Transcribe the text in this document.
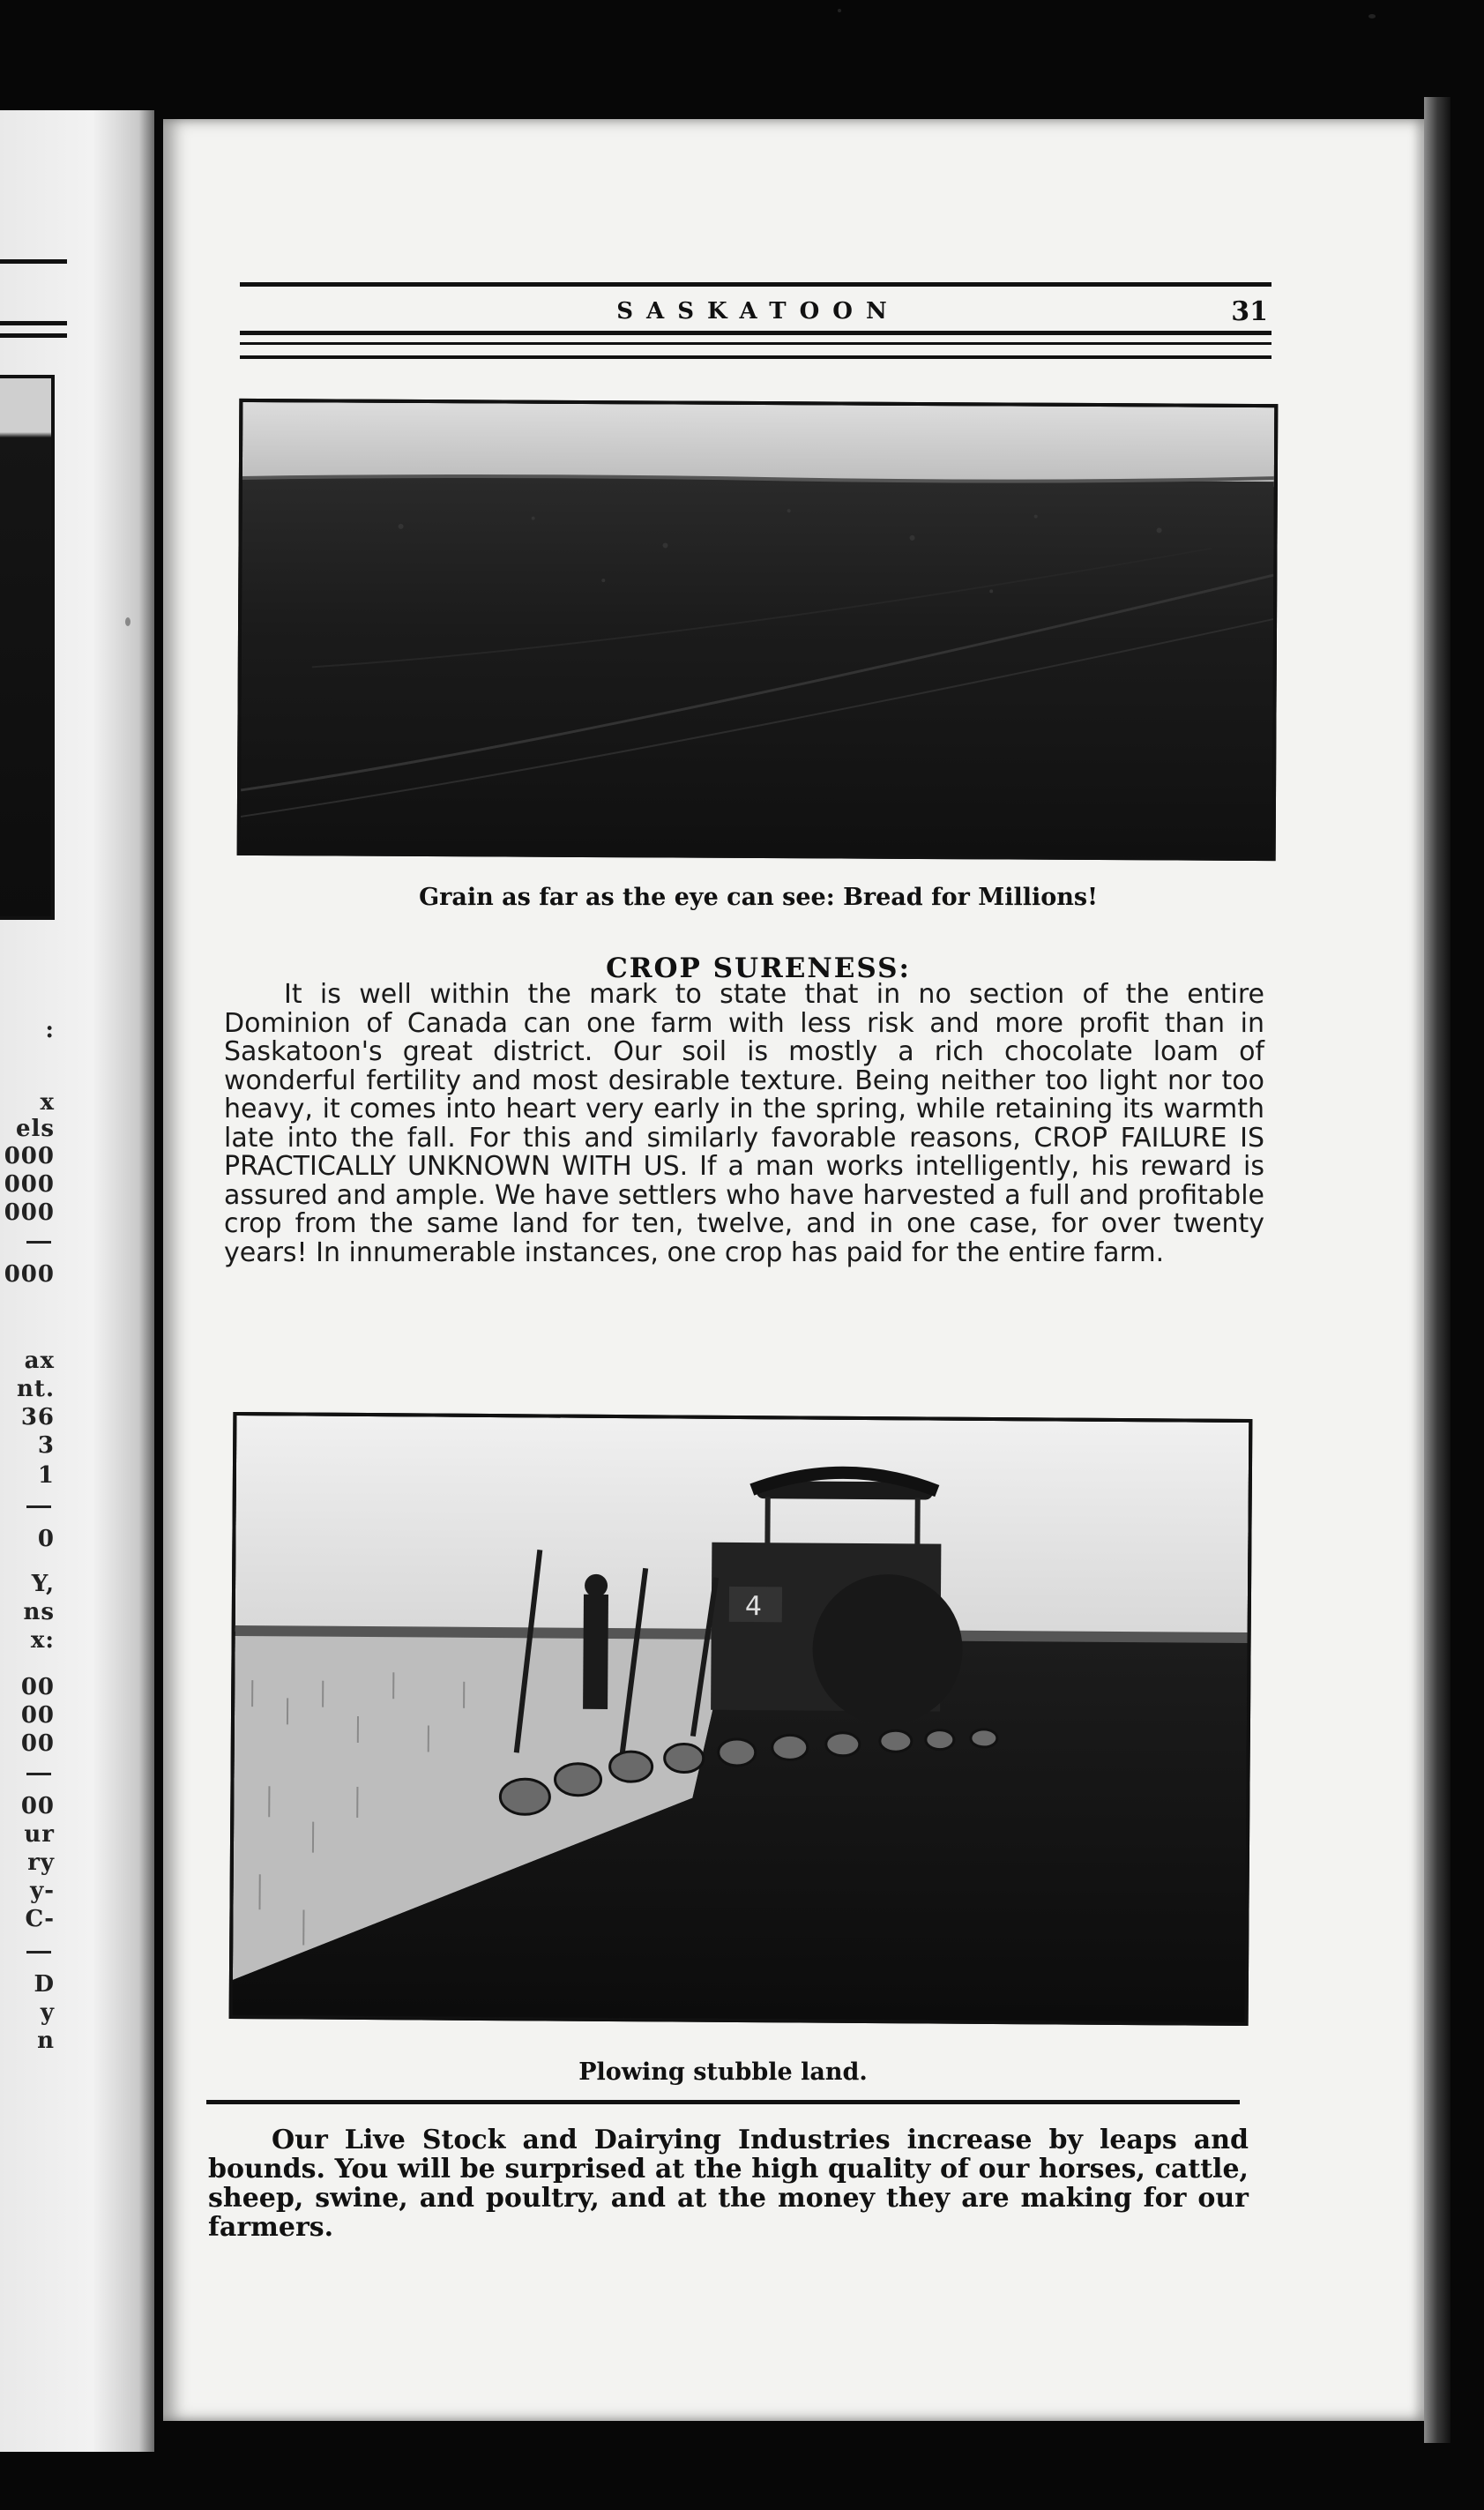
:
x
els
000
000
000
000
ax
nt.
36
3
1
0
Y,
ns
x:
00
00
00
00
ur
ry
y-
C-
D
y
n
SASKATOON	31

Grain as far as the eye can see: Bread for Millions!

CROP SURENESS:

It is well within the mark to state that in no section of the entire Dominion of Canada can one farm with less risk and more profit than in Saskatoon's great district. Our soil is mostly a rich chocolate loam of wonderful fertility and most desirable texture. Being neither too light nor too heavy, it comes into heart very early in the spring, while retaining its warmth late into the fall. For this and similarly favorable reasons, CROP FAILURE IS PRACTICALLY UNKNOWN WITH US. If a man works intelligently, his reward is assured and ample. We have settlers who have harvested a full and profitable crop from the same land for ten, twelve, and in one case, for over twenty years! In innumerable instances, one crop has paid for the entire farm.

4

Plowing stubble land.

Our Live Stock and Dairying Industries increase by leaps and bounds. You will be surprised at the high quality of our horses, cattle, sheep, swine, and poultry, and at the money they are making for our farmers.
